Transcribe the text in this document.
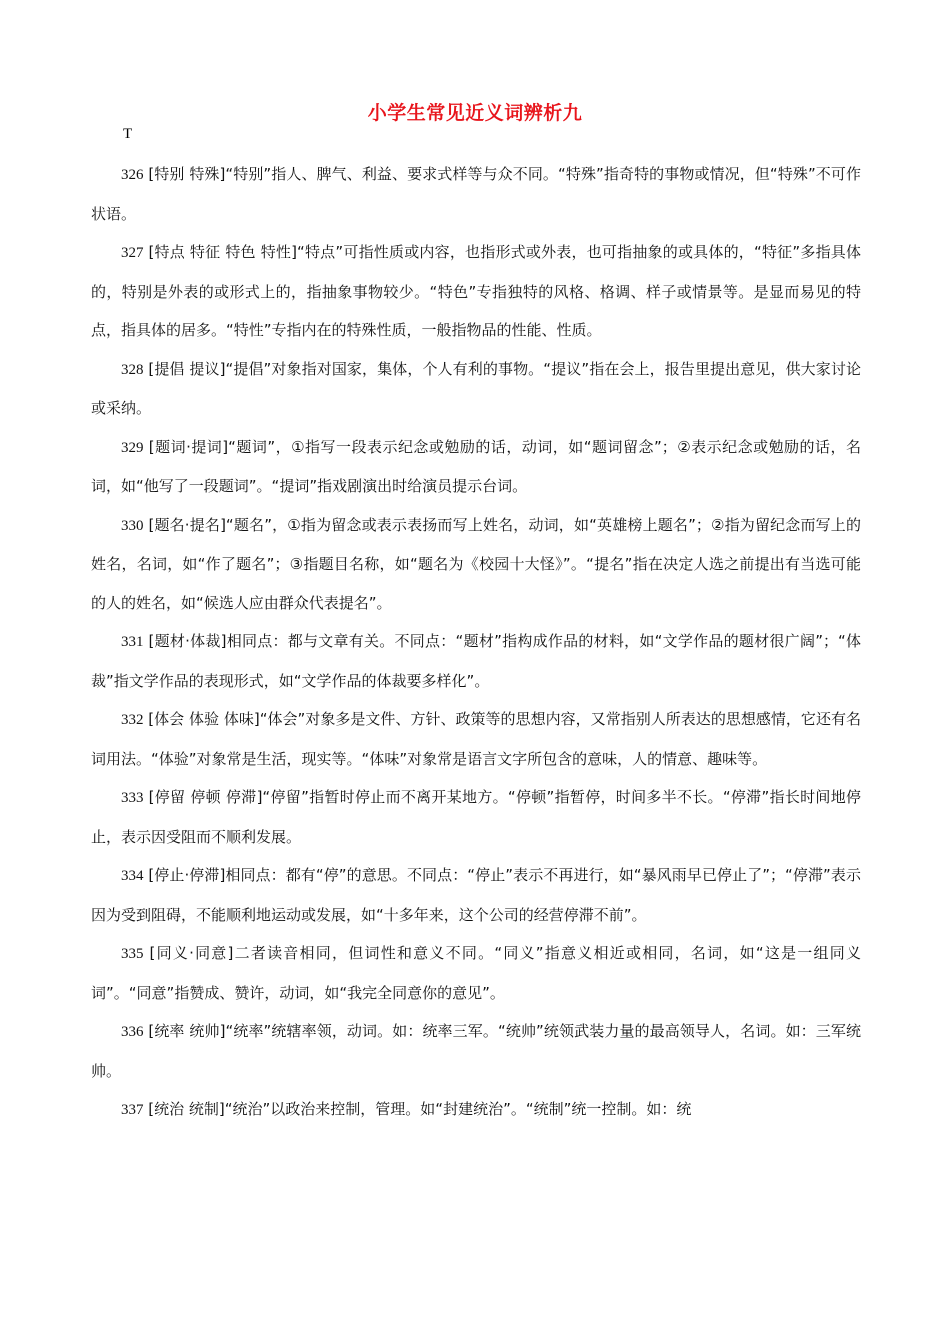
小学生常见近义词辨析九
T

326 [特别 特殊]“特别”指人、脾气、利益、要求式样等与众不同。“特殊”指奇特的事物或情况，但“特殊”不可作状语。

327 [特点 特征 特色 特性]“特点”可指性质或内容，也指形式或外表，也可指抽象的或具体的，“特征”多指具体的，特别是外表的或形式上的，指抽象事物较少。“特色”专指独特的风格、格调、样子或情景等。是显而易见的特点，指具体的居多。“特性”专指内在的特殊性质，一般指物品的性能、性质。

328 [提倡 提议]“提倡”对象指对国家，集体，个人有利的事物。“提议”指在会上，报告里提出意见，供大家讨论或采纳。

329 [题词·提词]“题词”，①指写一段表示纪念或勉励的话，动词，如“题词留念”；②表示纪念或勉励的话，名词，如“他写了一段题词”。“提词”指戏剧演出时给演员提示台词。

330 [题名·提名]“题名”，①指为留念或表示表扬而写上姓名，动词，如“英雄榜上题名”；②指为留纪念而写上的姓名，名词，如“作了题名”；③指题目名称，如“题名为《校园十大怪》”。“提名”指在决定人选之前提出有当选可能的人的姓名，如“候选人应由群众代表提名”。

331 [题材·体裁]相同点：都与文章有关。不同点：“题材”指构成作品的材料，如“文学作品的题材很广阔”；“体裁”指文学作品的表现形式，如“文学作品的体裁要多样化”。

332 [体会 体验 体味]“体会”对象多是文件、方针、政策等的思想内容，又常指别人所表达的思想感情，它还有名词用法。“体验”对象常是生活，现实等。“体味”对象常是语言文字所包含的意味，人的情意、趣味等。

333 [停留 停顿 停滞]“停留”指暂时停止而不离开某地方。“停顿”指暂停，时间多半不长。“停滞”指长时间地停止，表示因受阻而不顺利发展。

334 [停止·停滞]相同点：都有“停”的意思。不同点：“停止”表示不再进行，如“暴风雨早已停止了”；“停滞”表示因为受到阻碍，不能顺利地运动或发展，如“十多年来，这个公司的经营停滞不前”。

335 [同义·同意]二者读音相同，但词性和意义不同。“同义”指意义相近或相同，名词，如“这是一组同义词”。“同意”指赞成、赞许，动词，如“我完全同意你的意见”。

336 [统率 统帅]“统率”统辖率领，动词。如：统率三军。“统帅”统领武装力量的最高领导人，名词。如：三军统帅。

337 [统治 统制]“统治”以政治来控制，管理。如“封建统治”。“统制”统一控制。如：统
